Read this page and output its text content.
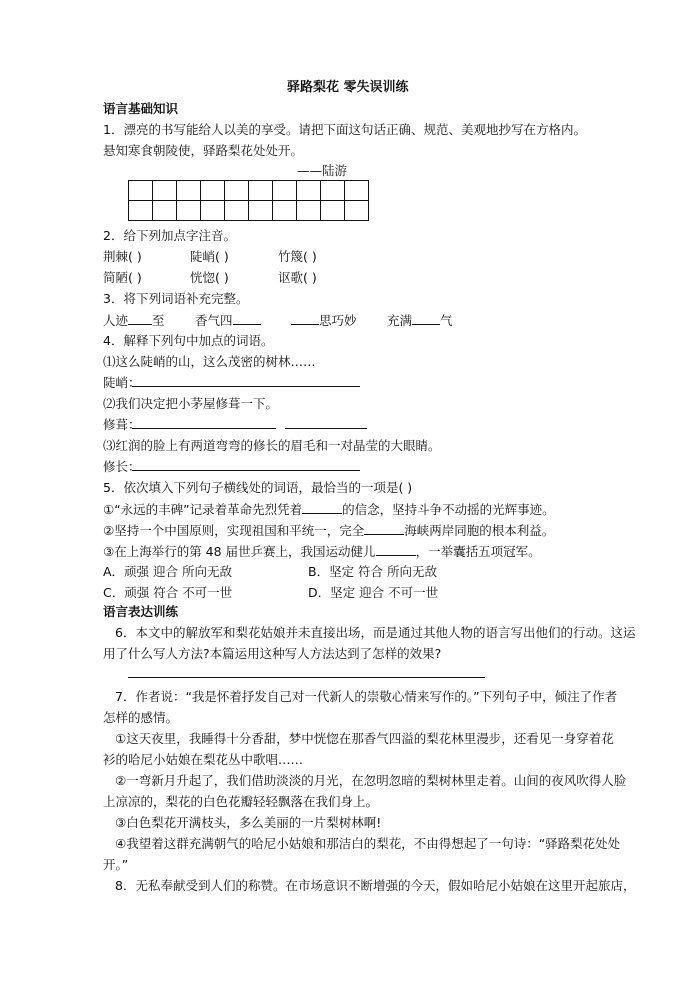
驿路梨花 零失误训练
语言基础知识
1．漂亮的书写能给人以美的享受。请把下面这句话正确、规范、美观地抄写在方格内。
悬知寒食朝陵使，驿路梨花处处开。
——陆游

2．给下列加点字注音。
荆棘( )	陡峭( )	竹篾( )
简陋( )	恍惚( )	讴歌( )
3．将下列词语补充完整。
人迹 至 香气四	思巧妙 充满 气
4．解释下列句中加点的词语。
⑴这么陡峭的山，这么茂密的树林……
陡峭：
⑵我们决定把小茅屋修葺一下。
修葺：
⑶红润的脸上有两道弯弯的修长的眉毛和一对晶莹的大眼睛。
修长：
5．依次填入下列句子横线处的词语，最恰当的一项是( )
①“永远的丰碑”记录着革命先烈凭着	的信念，坚持斗争不动摇的光辉事迹。
②坚持一个中国原则，实现祖国和平统一，完全	海峡两岸同胞的根本利益。
③在上海举行的第 48 届世乒赛上，我国运动健儿	，一举囊括五项冠军。
A．顽强 迎合 所向无敌	B．坚定 符合 所向无敌
C．顽强 符合 不可一世	D．坚定 迎合 不可一世
语言表达训练
6．本文中的解放军和梨花姑娘并未直接出场，而是通过其他人物的语言写出他们的行动。这运
用了什么写人方法?本篇运用这种写人方法达到了怎样的效果?
7．作者说：“我是怀着抒发自己对一代新人的崇敬心情来写作的。”下列句子中，倾注了作者
怎样的感情。
①这天夜里，我睡得十分香甜，梦中恍惚在那香气四溢的梨花林里漫步，还看见一身穿着花
衫的哈尼小姑娘在梨花丛中歌唱……
②一弯新月升起了，我们借助淡淡的月光，在忽明忽暗的梨树林里走着。山间的夜风吹得人脸
上凉凉的，梨花的白色花瓣轻轻飘落在我们身上。
③白色梨花开满枝头，多么美丽的一片梨树林啊!
④我望着这群充满朝气的哈尼小姑娘和那洁白的梨花，不由得想起了一句诗：“驿路梨花处处
开。”
8．无私奉献受到人们的称赞。在市场意识不断增强的今天，假如哈尼小姑娘在这里开起旅店，
